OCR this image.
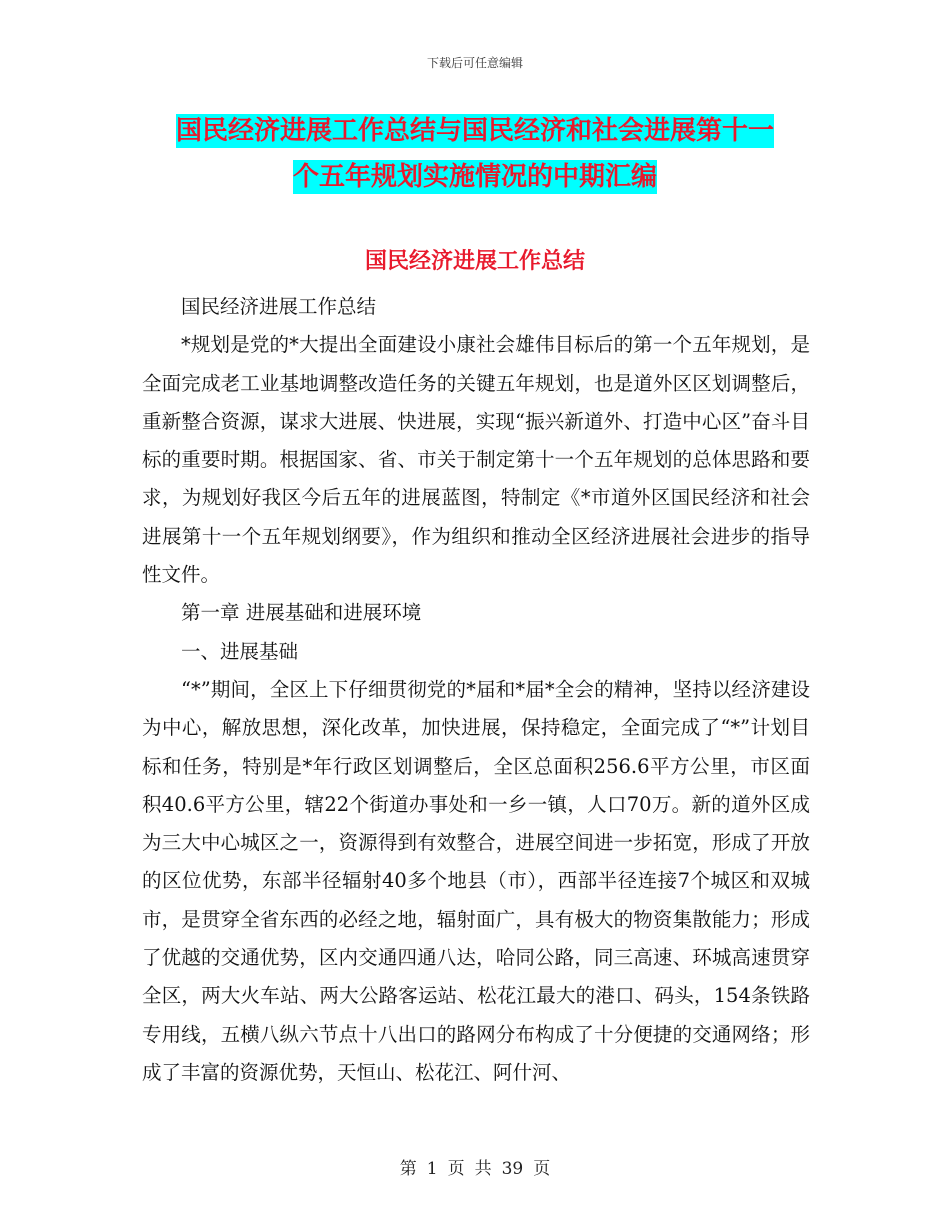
下载后可任意编辑
国民经济进展工作总结与国民经济和社会进展第十一
个五年规划实施情况的中期汇编
国民经济进展工作总结

国民经济进展工作总结

*规划是党的*大提出全面建设小康社会雄伟目标后的第一个五年规划，是全面完成老工业基地调整改造任务的关键五年规划，也是道外区区划调整后，重新整合资源，谋求大进展、快进展，实现“振兴新道外、打造中心区”奋斗目标的重要时期。根据国家、省、市关于制定第十一个五年规划的总体思路和要求，为规划好我区今后五年的进展蓝图，特制定《*市道外区国民经济和社会进展第十一个五年规划纲要》，作为组织和推动全区经济进展社会进步的指导性文件。

第一章 进展基础和进展环境

一、进展基础

“*”期间，全区上下仔细贯彻党的*届和*届*全会的精神，坚持以经济建设为中心，解放思想，深化改革，加快进展，保持稳定，全面完成了“*”计划目标和任务，特别是*年行政区划调整后，全区总面积256.6平方公里，市区面积40.6平方公里，辖22个街道办事处和一乡一镇，人口70万。新的道外区成为三大中心城区之一，资源得到有效整合，进展空间进一步拓宽，形成了开放的区位优势，东部半径辐射40多个地县（市），西部半径连接7个城区和双城市，是贯穿全省东西的必经之地，辐射面广，具有极大的物资集散能力；形成了优越的交通优势，区内交通四通八达，哈同公路，同三高速、环城高速贯穿全区，两大火车站、两大公路客运站、松花江最大的港口、码头，154条铁路专用线，五横八纵六节点十八出口的路网分布构成了十分便捷的交通网络；形成了丰富的资源优势，天恒山、松花江、阿什河、

第 1 页 共 39 页
